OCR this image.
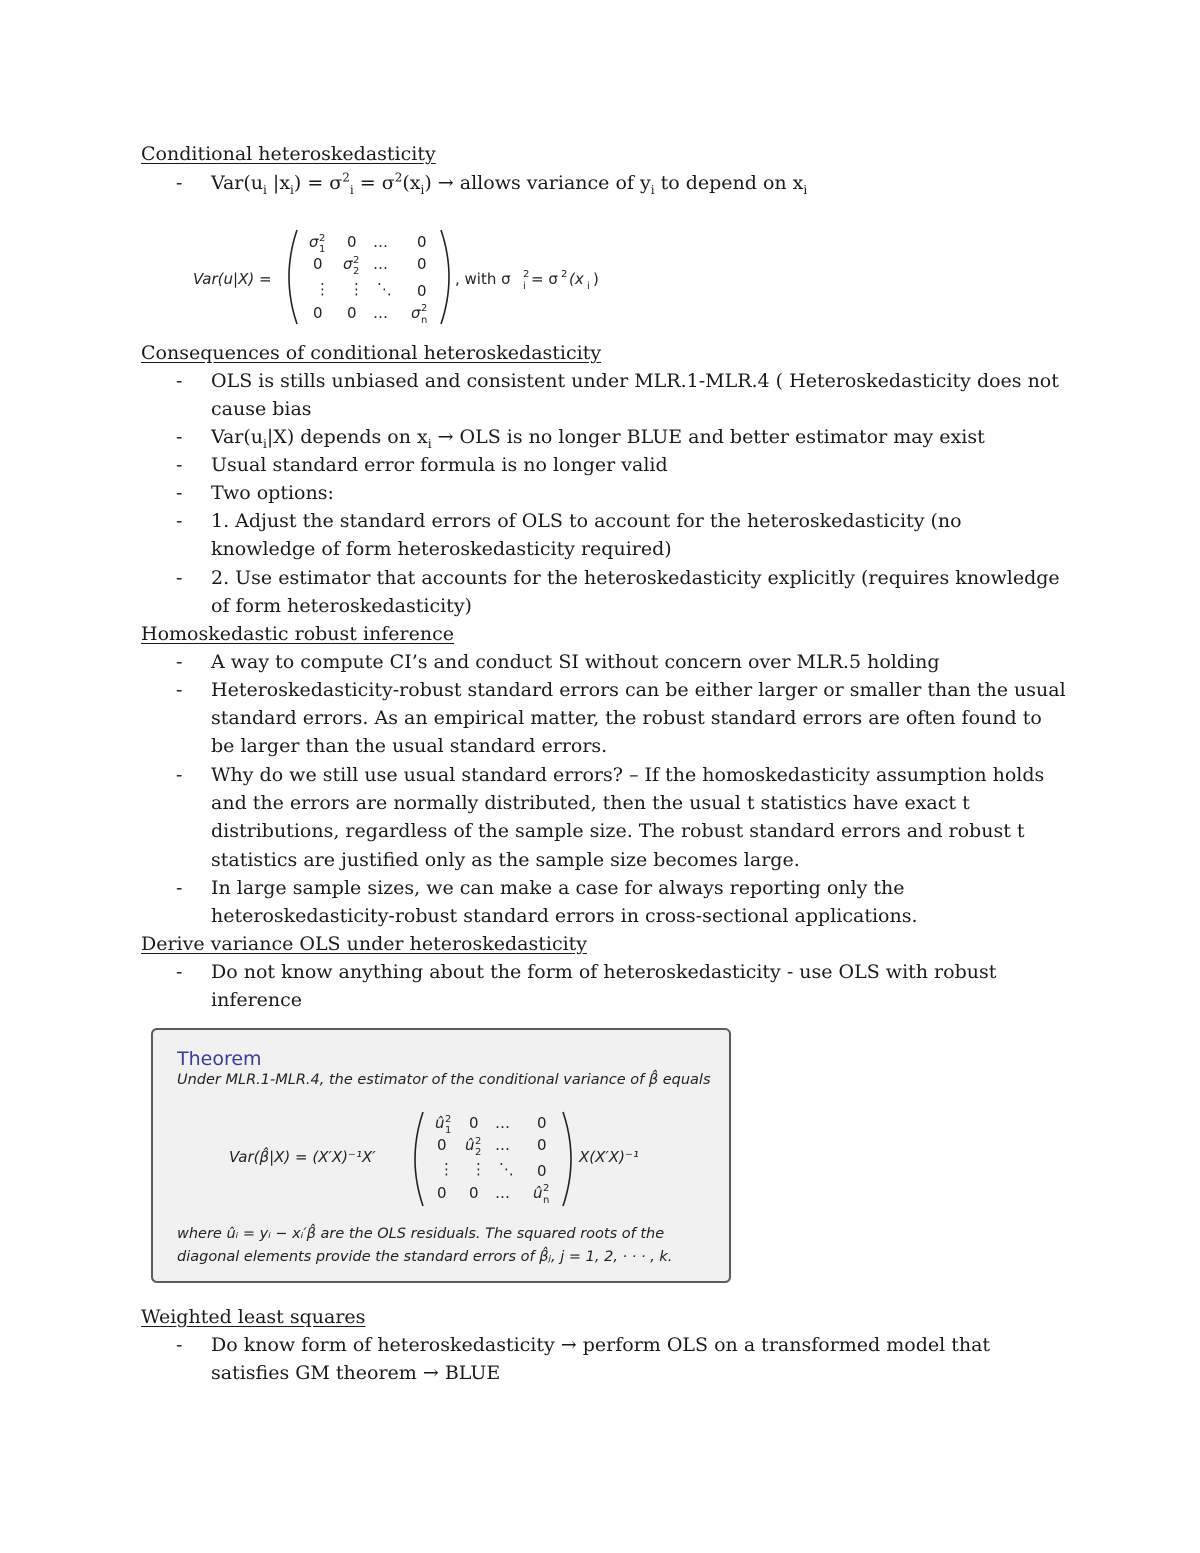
Conditional heteroskedasticity
- $Var(u_i$ $|x_i) = \sigma^2_i = \sigma^2(x_i)$ → allows variance of $y_i$ to depend on $x_i$
Var(u|X) =
σ 2
1 0 … 0
0 σ 2
2 … 0
⋮ ⋮ ⋱ 0
0 0 … σ 2
n
, with σ 2
i = σ 2 (x i )
Consequences of conditional heteroskedasticity
- OLS is stills unbiased and consistent under MLR.1-MLR.4 ( Heteroskedasticity does not cause bias
- $Var(u_i|X)$ depends on $x_i$ → OLS is no longer BLUE and better estimator may exist
- Usual standard error formula is no longer valid
- Two options:
- 1. Adjust the standard errors of OLS to account for the heteroskedasticity (no knowledge of form heteroskedasticity required)
- 2. Use estimator that accounts for the heteroskedasticity explicitly (requires knowledge of form heteroskedasticity)
Homoskedastic robust inference
- A way to compute CI’s and conduct SI without concern over MLR.5 holding
- Heteroskedasticity-robust standard errors can be either larger or smaller than the usual standard errors. As an empirical matter, the robust standard errors are often found to be larger than the usual standard errors.
- Why do we still use usual standard errors? – If the homoskedasticity assumption holds and the errors are normally distributed, then the usual t statistics have exact t distributions, regardless of the sample size. The robust standard errors and robust t statistics are justified only as the sample size becomes large.
- In large sample sizes, we can make a case for always reporting only the heteroskedasticity-robust standard errors in cross-sectional applications.
Derive variance OLS under heteroskedasticity
- Do not know anything about the form of heteroskedasticity - use OLS with robust inference
Theorem
Under MLR.1-MLR.4, the estimator of the conditional variance of β̂ equals
Var(β̂|X) = (X′X)⁻¹X′
û 2
1 0 … 0
0 û 2
2 … 0
⋮ ⋮ ⋱ 0
0 0 … û 2
n
X(X′X)⁻¹
where ûᵢ = yᵢ − xᵢ′β̂ are the OLS residuals. The squared roots of the
diagonal elements provide the standard errors of β̂ⱼ, j = 1, 2, · · · , k.
Weighted least squares
- Do know form of heteroskedasticity → perform OLS on a transformed model that satisfies GM theorem → BLUE
